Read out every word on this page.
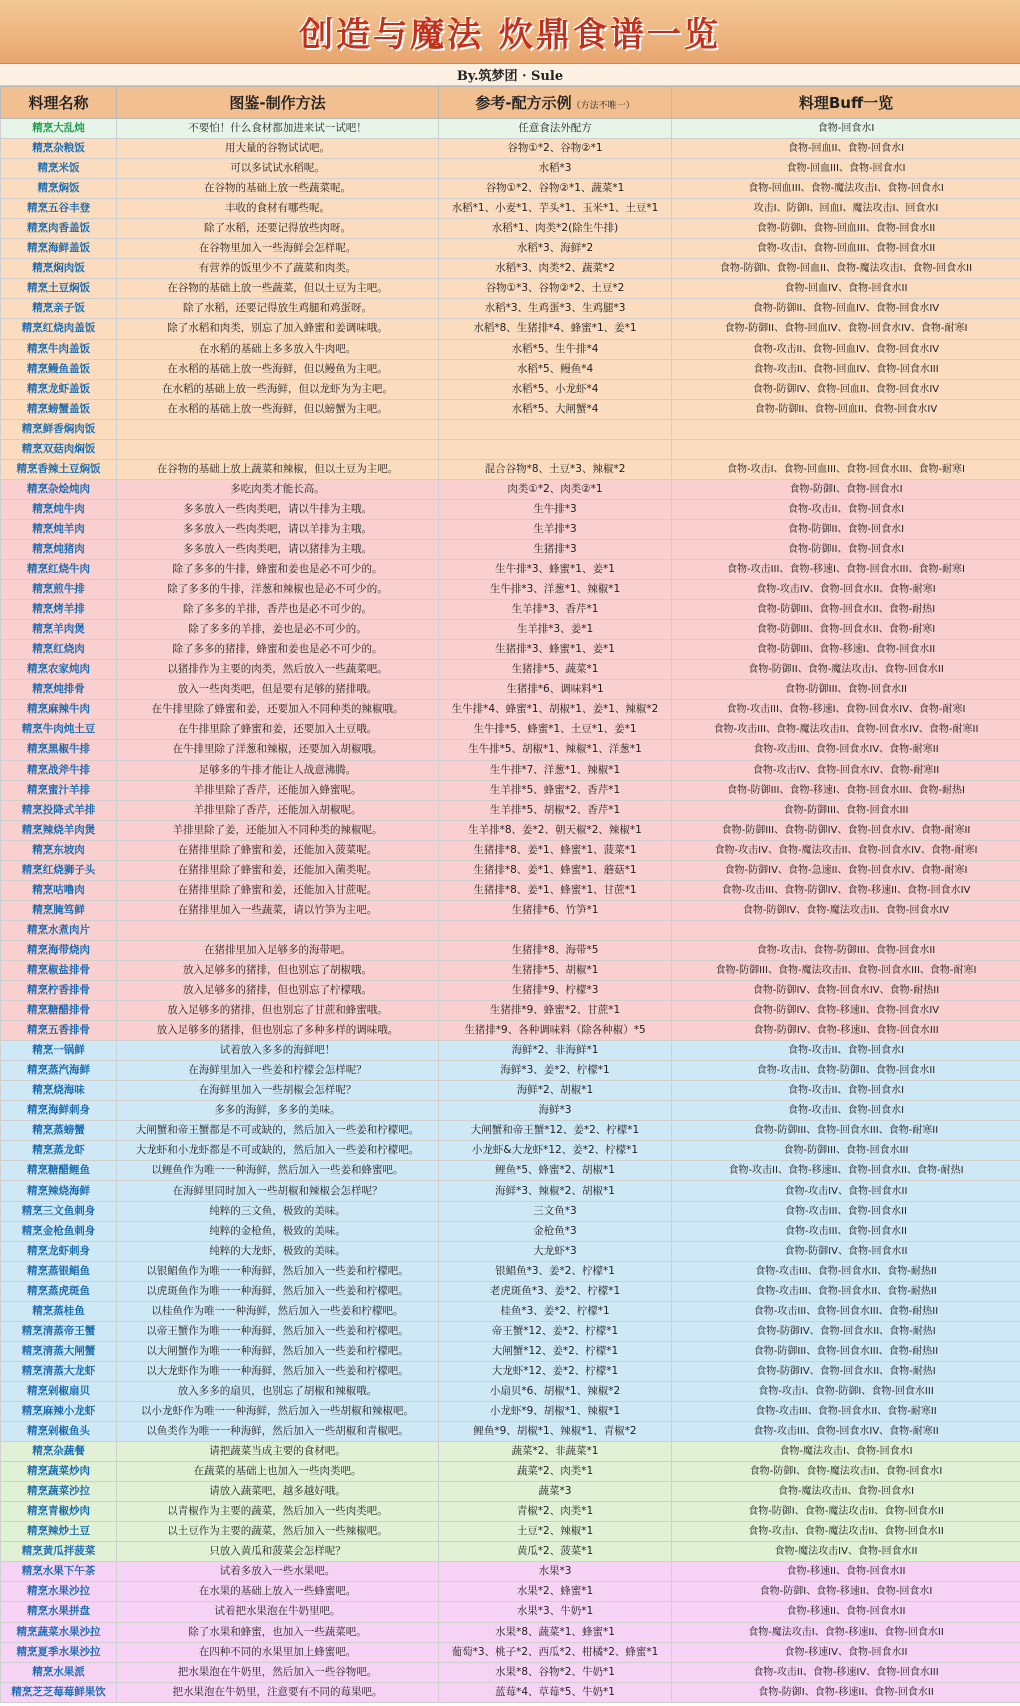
创造与魔法 炊鼎食谱一览
By.筑梦团 · Sule
料理名称	图鉴-制作方法	参考-配方示例（方法不唯一）	料理Buff一览
精烹大乱炖	不要怕！什么食材都加进来试一试吧！	任意食法外配方	食物-回食水I
精烹杂粮饭	用大量的谷物试试吧。	谷物①*2、谷物②*1	食物-回血II、食物-回食水I
精烹米饭	可以多试试水稻呢。	水稻*3	食物-回血III、食物-回食水I
精烹焖饭	在谷物的基础上放一些蔬菜呢。	谷物①*2、谷物②*1、蔬菜*1	食物-回血III、食物-魔法攻击I、食物-回食水I
精烹五谷丰登	丰收的食材有哪些呢。	水稻*1、小麦*1、芋头*1、玉米*1、土豆*1	攻击I、防御I、回血I、魔法攻击I、回食水I
精烹肉香盖饭	除了水稻，还要记得放些肉呀。	水稻*1、肉类*2(除生牛排)	食物-防御I、食物-回血III、食物-回食水II
精烹海鲜盖饭	在谷物里加入一些海鲜会怎样呢。	水稻*3、海鲜*2	食物-攻击I、食物-回血III、食物-回食水II
精烹焖肉饭	有营养的饭里少不了蔬菜和肉类。	水稻*3、肉类*2、蔬菜*2	食物-防御I、食物-回血II、食物-魔法攻击I、食物-回食水II
精烹土豆焖饭	在谷物的基础上放一些蔬菜，但以土豆为主吧。	谷物①*3、谷物②*2、土豆*2	食物-回血IV、食物-回食水II
精烹亲子饭	除了水稻，还要记得放生鸡腿和鸡蛋呀。	水稻*3、生鸡蛋*3、生鸡腿*3	食物-防御II、食物-回血IV、食物-回食水IV
精烹红烧肉盖饭	除了水稻和肉类，别忘了加入蜂蜜和姜调味哦。	水稻*8、生猪排*4、蜂蜜*1、姜*1	食物-防御II、食物-回血IV、食物-回食水IV、食物-耐寒I
精烹牛肉盖饭	在水稻的基础上多多放入牛肉吧。	水稻*5、生牛排*4	食物-攻击II、食物-回血IV、食物-回食水IV
精烹鳗鱼盖饭	在水稻的基础上放一些海鲜，但以鳗鱼为主吧。	水稻*5、鳗鱼*4	食物-攻击II、食物-回血IV、食物-回食水III
精烹龙虾盖饭	在水稻的基础上放一些海鲜，但以龙虾为为主吧。	水稻*5、小龙虾*4	食物-防御IV、食物-回血II、食物-回食水IV
精烹螃蟹盖饭	在水稻的基础上放一些海鲜，但以螃蟹为主吧。	水稻*5、大闸蟹*4	食物-防御II、食物-回血II、食物-回食水IV
精烹鲜香焖肉饭			
精烹双菇肉焖饭			
精烹香辣土豆焖饭	在谷物的基础上放上蔬菜和辣椒，但以土豆为主吧。	混合谷物*8、土豆*3、辣椒*2	食物-攻击I、食物-回血III、食物-回食水III、食物-耐寒I
精烹杂烩炖肉	多吃肉类才能长高。	肉类①*2、肉类②*1	食物-防御I、食物-回食水I
精烹炖牛肉	多多放入一些肉类吧，请以牛排为主哦。	生牛排*3	食物-攻击II、食物-回食水I
精烹炖羊肉	多多放入一些肉类吧，请以羊排为主哦。	生羊排*3	食物-防御II、食物-回食水I
精烹炖猪肉	多多放入一些肉类吧，请以猪排为主哦。	生猪排*3	食物-防御II、食物-回食水I
精烹红烧牛肉	除了多多的牛排，蜂蜜和姜也是必不可少的。	生牛排*3、蜂蜜*1、姜*1	食物-攻击III、食物-移速I、食物-回食水III、食物-耐寒I
精烹煎牛排	除了多多的牛排，洋葱和辣椒也是必不可少的。	生牛排*3、洋葱*1、辣椒*1	食物-攻击IV、食物-回食水II、食物-耐寒I
精烹烤羊排	除了多多的羊排，香芹也是必不可少的。	生羊排*3、香芹*1	食物-防御III、食物-回食水II、食物-耐热I
精烹羊肉煲	除了多多的羊排，姜也是必不可少的。	生羊排*3、姜*1	食物-防御III、食物-回食水II、食物-耐寒I
精烹红烧肉	除了多多的猪排，蜂蜜和姜也是必不可少的。	生猪排*3、蜂蜜*1、姜*1	食物-防御III、食物-移速I、食物-回食水II
精烹农家炖肉	以猪排作为主要的肉类，然后放入一些蔬菜吧。	生猪排*5、蔬菜*1	食物-防御II、食物-魔法攻击I、食物-回食水II
精烹炖排骨	放入一些肉类吧，但是要有足够的猪排哦。	生猪排*6、调味料*1	食物-防御III、食物-回食水II
精烹麻辣牛肉	在牛排里除了蜂蜜和姜，还要加入不同种类的辣椒哦。	生牛排*4、蜂蜜*1、胡椒*1、姜*1、辣椒*2	食物-攻击III、食物-移速I、食物-回食水IV、食物-耐寒I
精烹牛肉炖土豆	在牛排里除了蜂蜜和姜，还要加入土豆哦。	生牛排*5、蜂蜜*1、土豆*1、姜*1	食物-攻击III、食物-魔法攻击II、食物-回食水IV、食物-耐寒II
精烹黑椒牛排	在牛排里除了洋葱和辣椒，还要加入胡椒哦。	生牛排*5、胡椒*1、辣椒*1、洋葱*1	食物-攻击III、食物-回食水IV、食物-耐寒II
精烹战斧牛排	足够多的牛排才能让人战意沸腾。	生牛排*7、洋葱*1、辣椒*1	食物-攻击IV、食物-回食水IV、食物-耐寒II
精烹蜜汁羊排	羊排里除了香芹，还能加入蜂蜜呢。	生羊排*5、蜂蜜*2、香芹*1	食物-防御III、食物-移速I、食物-回食水III、食物-耐热I
精烹投降式羊排	羊排里除了香芹，还能加入胡椒呢。	生羊排*5、胡椒*2、香芹*1	食物-防御III、食物-回食水III
精烹辣烧羊肉煲	羊排里除了姜，还能加入不同种类的辣椒呢。	生羊排*8、姜*2、朝天椒*2、辣椒*1	食物-防御III、食物-防御IV、食物-回食水IV、食物-耐寒II
精烹东坡肉	在猪排里除了蜂蜜和姜，还能加入菠菜呢。	生猪排*8、姜*1、蜂蜜*1、菠菜*1	食物-攻击IV、食物-魔法攻击II、食物-回食水IV、食物-耐寒I
精烹红烧狮子头	在猪排里除了蜂蜜和姜，还能加入菌类呢。	生猪排*8、姜*1、蜂蜜*1、蘑菇*1	食物-防御IV、食物-急速II、食物-回食水IV、食物-耐寒I
精烹咕噜肉	在猪排里除了蜂蜜和姜，还能加入甘蔗呢。	生猪排*8、姜*1、蜂蜜*1、甘蔗*1	食物-攻击III、食物-防御IV、食物-移速II、食物-回食水IV
精烹腌笃鲜	在猪排里加入一些蔬菜，请以竹笋为主吧。	生猪排*6、竹笋*1	食物-防御IV、食物-魔法攻击II、食物-回食水IV
精烹水煮肉片			
精烹海带烧肉	在猪排里加入足够多的海带吧。	生猪排*8、海带*5	食物-攻击I、食物-防御III、食物-回食水II
精烹椒盐排骨	放入足够多的猪排，但也别忘了胡椒哦。	生猪排*5、胡椒*1	食物-防御III、食物-魔法攻击II、食物-回食水III、食物-耐寒I
精烹柠香排骨	放入足够多的猪排，但也别忘了柠檬哦。	生猪排*9、柠檬*3	食物-防御IV、食物-回食水IV、食物-耐热II
精烹糖醋排骨	放入足够多的猪排，但也别忘了甘蔗和蜂蜜哦。	生猪排*9、蜂蜜*2、甘蔗*1	食物-防御IV、食物-移速II、食物-回食水IV
精烹五香排骨	放入足够多的猪排，但也别忘了多种多样的调味哦。	生猪排*9、各种调味料（除各种椒）*5	食物-防御IV、食物-移速II、食物-回食水III
精烹一锅鲜	试着放入多多的海鲜吧！	海鲜*2、非海鲜*1	食物-攻击II、食物-回食水I
精烹蒸汽海鲜	在海鲜里加入一些姜和柠檬会怎样呢？	海鲜*3、姜*2、柠檬*1	食物-攻击II、食物-防御II、食物-回食水II
精烹烧海味	在海鲜里加入一些胡椒会怎样呢？	海鲜*2、胡椒*1	食物-攻击II、食物-回食水I
精烹海鲜刺身	多多的海鲜，多多的美味。	海鲜*3	食物-攻击II、食物-回食水I
精烹蒸螃蟹	大闸蟹和帝王蟹都是不可或缺的，然后加入一些姜和柠檬吧。	大闸蟹和帝王蟹*12、姜*2、柠檬*1	食物-防御III、食物-回食水III、食物-耐寒II
精烹蒸龙虾	大龙虾和小龙虾都是不可或缺的，然后加入一些姜和柠檬吧。	小龙虾&大龙虾*12、姜*2、柠檬*1	食物-防御III、食物-回食水III
精烹糖醋鲤鱼	以鲤鱼作为唯一一种海鲜，然后加入一些姜和蜂蜜吧。	鲤鱼*5、蜂蜜*2、胡椒*1	食物-攻击II、食物-移速II、食物-回食水II、食物-耐热I
精烹辣烧海鲜	在海鲜里同时加入一些胡椒和辣椒会怎样呢？	海鲜*3、辣椒*2、胡椒*1	食物-攻击IV、食物-回食水II
精烹三文鱼刺身	纯粹的三文鱼，极致的美味。	三文鱼*3	食物-攻击III、食物-回食水II
精烹金枪鱼刺身	纯粹的金枪鱼，极致的美味。	金枪鱼*3	食物-攻击III、食物-回食水II
精烹龙虾刺身	纯粹的大龙虾，极致的美味。	大龙虾*3	食物-防御IV、食物-回食水II
精烹蒸银鲳鱼	以银鲳鱼作为唯一一种海鲜，然后加入一些姜和柠檬吧。	银鲳鱼*3、姜*2、柠檬*1	食物-攻击III、食物-回食水II、食物-耐热II
精烹蒸虎斑鱼	以虎斑鱼作为唯一一种海鲜，然后加入一些姜和柠檬吧。	老虎斑鱼*3、姜*2、柠檬*1	食物-攻击III、食物-回食水II、食物-耐热II
精烹蒸桂鱼	以桂鱼作为唯一一种海鲜，然后加入一些姜和柠檬吧。	桂鱼*3、姜*2、柠檬*1	食物-攻击III、食物-回食水III、食物-耐热II
精烹清蒸帝王蟹	以帝王蟹作为唯一一种海鲜，然后加入一些姜和柠檬吧。	帝王蟹*12、姜*2、柠檬*1	食物-防御IV、食物-回食水II、食物-耐热I
精烹清蒸大闸蟹	以大闸蟹作为唯一一种海鲜，然后加入一些姜和柠檬吧。	大闸蟹*12、姜*2、柠檬*1	食物-防御III、食物-回食水III、食物-耐热II
精烹清蒸大龙虾	以大龙虾作为唯一一种海鲜，然后加入一些姜和柠檬吧。	大龙虾*12、姜*2、柠檬*1	食物-防御IV、食物-回食水II、食物-耐热I
精烹剁椒扇贝	放入多多的扇贝，也别忘了胡椒和辣椒哦。	小扇贝*6、胡椒*1、辣椒*2	食物-攻击I、食物-防御I、食物-回食水III
精烹麻辣小龙虾	以小龙虾作为唯一一种海鲜，然后加入一些胡椒和辣椒吧。	小龙虾*9、胡椒*1、辣椒*1	食物-攻击III、食物-回食水II、食物-耐寒II
精烹剁椒鱼头	以鱼类作为唯一一种海鲜，然后加入一些胡椒和青椒吧。	鲤鱼*9、胡椒*1、辣椒*1、青椒*2	食物-攻击III、食物-回食水IV、食物-耐寒II
精烹杂蔬餐	请把蔬菜当成主要的食材吧。	蔬菜*2、非蔬菜*1	食物-魔法攻击I、食物-回食水I
精烹蔬菜炒肉	在蔬菜的基础上也加入一些肉类吧。	蔬菜*2、肉类*1	食物-防御I、食物-魔法攻击II、食物-回食水I
精烹蔬菜沙拉	请放入蔬菜吧，越多越好哦。	蔬菜*3	食物-魔法攻击II、食物-回食水I
精烹青椒炒肉	以青椒作为主要的蔬菜，然后加入一些肉类吧。	青椒*2、肉类*1	食物-防御I、食物-魔法攻击II、食物-回食水II
精烹辣炒土豆	以土豆作为主要的蔬菜，然后加入一些辣椒吧。	土豆*2、辣椒*1	食物-攻击I、食物-魔法攻击II、食物-回食水II
精烹黄瓜拌菠菜	只放入黄瓜和菠菜会怎样呢？	黄瓜*2、菠菜*1	食物-魔法攻击IV、食物-回食水II
精烹水果下午茶	试着多放入一些水果吧。	水果*3	食物-移速II、食物-回食水II
精烹水果沙拉	在水果的基础上放入一些蜂蜜吧。	水果*2、蜂蜜*1	食物-防御I、食物-移速II、食物-回食水I
精烹水果拼盘	试着把水果泡在牛奶里吧。	水果*3、牛奶*1	食物-移速II、食物-回食水II
精烹蔬菜水果沙拉	除了水果和蜂蜜，也加入一些蔬菜吧。	水果*8、蔬菜*1、蜂蜜*1	食物-魔法攻击I、食物-移速II、食物-回食水II
精烹夏季水果沙拉	在四种不同的水果里加上蜂蜜吧。	葡萄*3、桃子*2、西瓜*2、柑橘*2、蜂蜜*1	食物-移速IV、食物-回食水II
精烹水果派	把水果泡在牛奶里，然后加入一些谷物吧。	水果*8、谷物*2、牛奶*1	食物-攻击II、食物-移速IV、食物-回食水III
精烹芝芝莓莓鲜果饮	把水果泡在牛奶里，注意要有不同的莓果吧。	蓝莓*4、草莓*5、牛奶*1	食物-防御I、食物-移速II、食物-回食水II
